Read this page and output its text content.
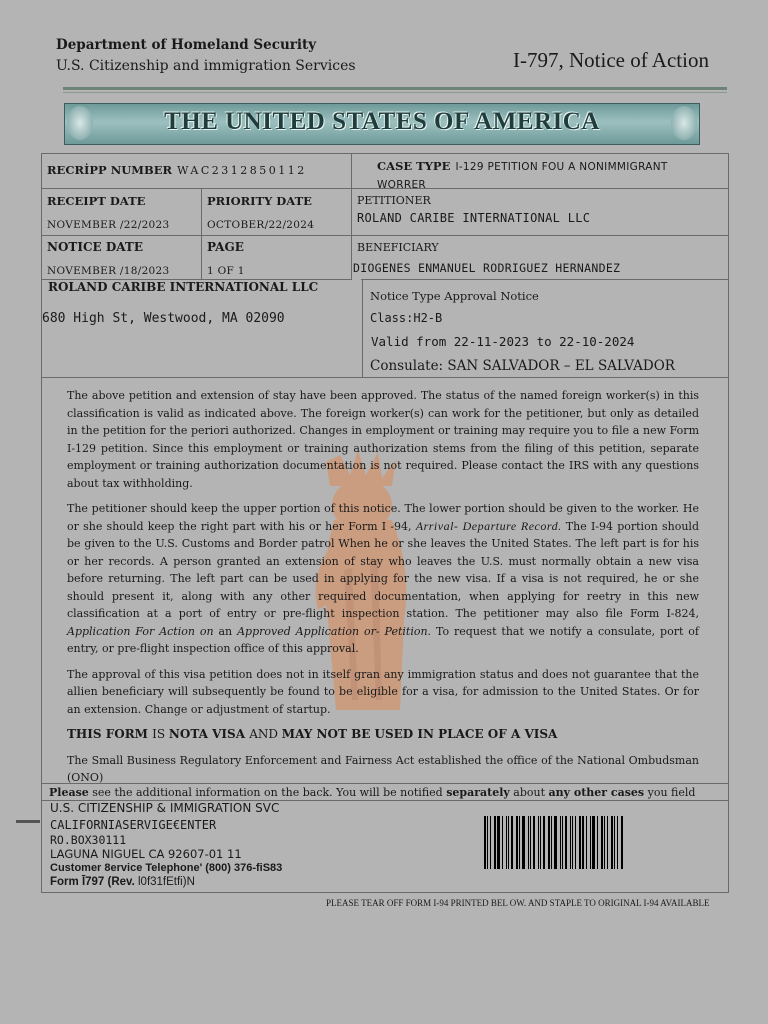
Department of Homeland Security
U.S. Citizenship and immigration Services	I-797, Notice of Action
THE UNITED STATES OF AMERICA
RECRİPP NUMBER WAC2312850112	CASE TYPE I-129 PETITION FOU A NONIMMIGRANT WORRER
RECEIPT DATE
NOVEMBER /22/2023
PRIORITY DATE
OCTOBER/22/2024
PETITIONER
ROLAND CARIBE INTERNATIONAL LLC
NOTICE DATE
NOVEMBER /18/2023
PAGE
1 OF 1
BENEFICIARY
DIOGENES ENMANUEL RODRIGUEZ HERNANDEZ
ROLAND CARIBE INTERNATIONAL LLC
680 High St, Westwood, MA 02090
Notice Type Approval Notice
Class:H2-B
Valid from 22-11-2023 to 22-10-2024
Consulate: SAN SALVADOR – EL SALVADOR

The above petition and extension of stay have been approved. The status of the named foreign worker(s) in this classification is valid as indicated above. The foreign worker(s) can work for the petitioner, but only as detailed in the petition for the periori authorized. Changes in employment or training may require you to file a new Form I-129 petition. Since this employment or training authorization stems from the filing of this petition, separate employment or training authorization documentation is not required. Please contact the IRS with any questions about tax withholding.

The petitioner should keep the upper portion of this notice. The lower portion should be given to the worker. He or she should keep the right part with his or her Form I -94, Arrival- Departure Record. The I-94 portion should be given to the U.S. Customs and Border patrol When he or she leaves the United States. The left part is for his or her records. A person granted an extension of stay who leaves the U.S. must normally obtain a new visa before returning. The left part can be used in applying for the new visa. If a visa is not required, he or she should present it, along with any other required documentation, when applying for reetry in this new classification at a port of entry or pre-flight inspection station. The petitioner may also file Form I-824, Application For Action on an Approved Application or- Petition. To request that we notify a consulate, port of entry, or pre-flight inspection office of this approval.

The approval of this visa petition does not in itself gran any immigration status and does not guarantee that the allien beneficiary will subsequently be found to be eligible for a visa, for admission to the United States. Or for an extension. Change or adjustment of startup.

THIS FORM IS NOTA VISA AND MAY NOT BE USED IN PLACE OF A VISA

The Small Business Regulatory Enforcement and Fairness Act established the office of the National Ombudsman (ONO)

Please see the additional information on the back. You will be notified separately about any other cases you field
U.S. CITIZENSHIP & IMMIGRATION SVC
CALIFORNIASERVIGE€ENTER
RO.BOX30111
LAGUNA NIGUEL CA 92607-01 11
Customer 8ervice Telephone' (800) 376-fiS83
Form Ī797 (Rev. l0f31fEtfi)N
PLEASE TEAR OFF FORM I-94 PRINTED BEL OW. AND STAPLE TO ORIGINAL I-94 AVAILABLE
